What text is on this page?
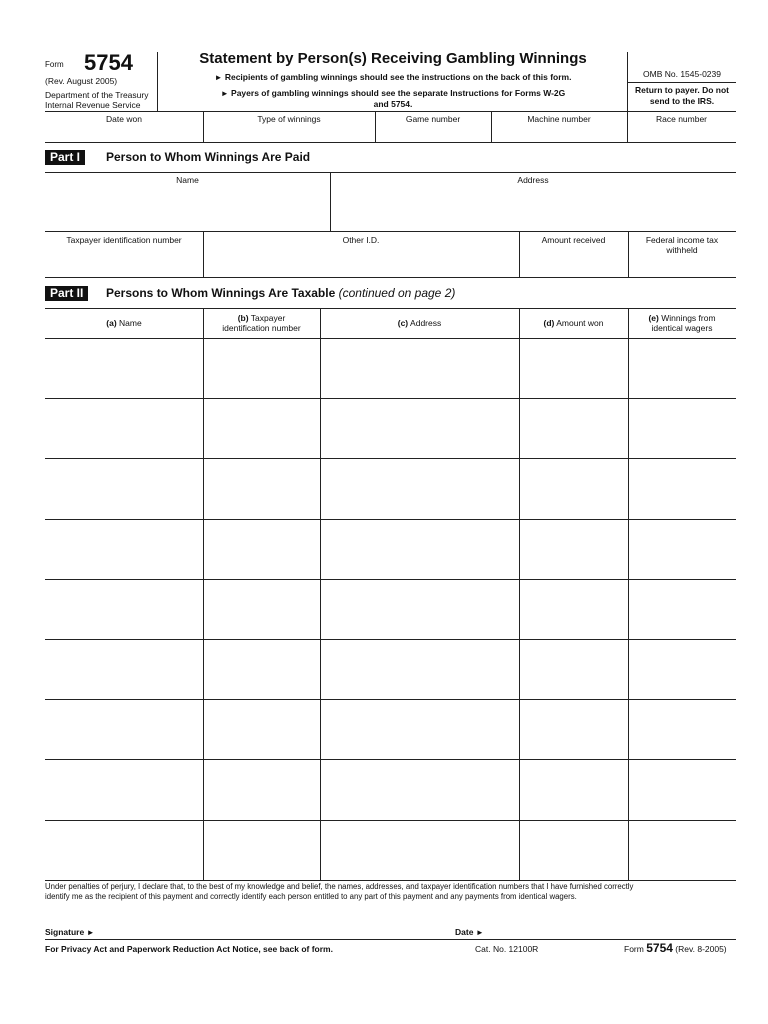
Form 5754
(Rev. August 2005)
Department of the Treasury
Internal Revenue Service
Statement by Person(s) Receiving Gambling Winnings
► Recipients of gambling winnings should see the instructions on the back of this form.
► Payers of gambling winnings should see the separate Instructions for Forms W-2G
and 5754.
OMB No. 1545-0239
Return to payer. Do not
send to the IRS.
Date won	Type of winnings	Game number	Machine number	Race number
Part I	Person to Whom Winnings Are Paid
Name	Address
Taxpayer identification number	Other I.D.	Amount received	Federal income tax
withheld
Part II	Persons to Whom Winnings Are Taxable (continued on page 2)
(a) Name	(b) Taxpayer
identification number	(c) Address	(d) Amount won	(e) Winnings from
identical wagers
Under penalties of perjury, I declare that, to the best of my knowledge and belief, the names, addresses, and taxpayer identification numbers that I have furnished correctly
identify me as the recipient of this payment and correctly identify each person entitled to any part of this payment and any payments from identical wagers.
Signature ►	Date ►
For Privacy Act and Paperwork Reduction Act Notice, see back of form.	Cat. No. 12100R	Form 5754 (Rev. 8-2005)
